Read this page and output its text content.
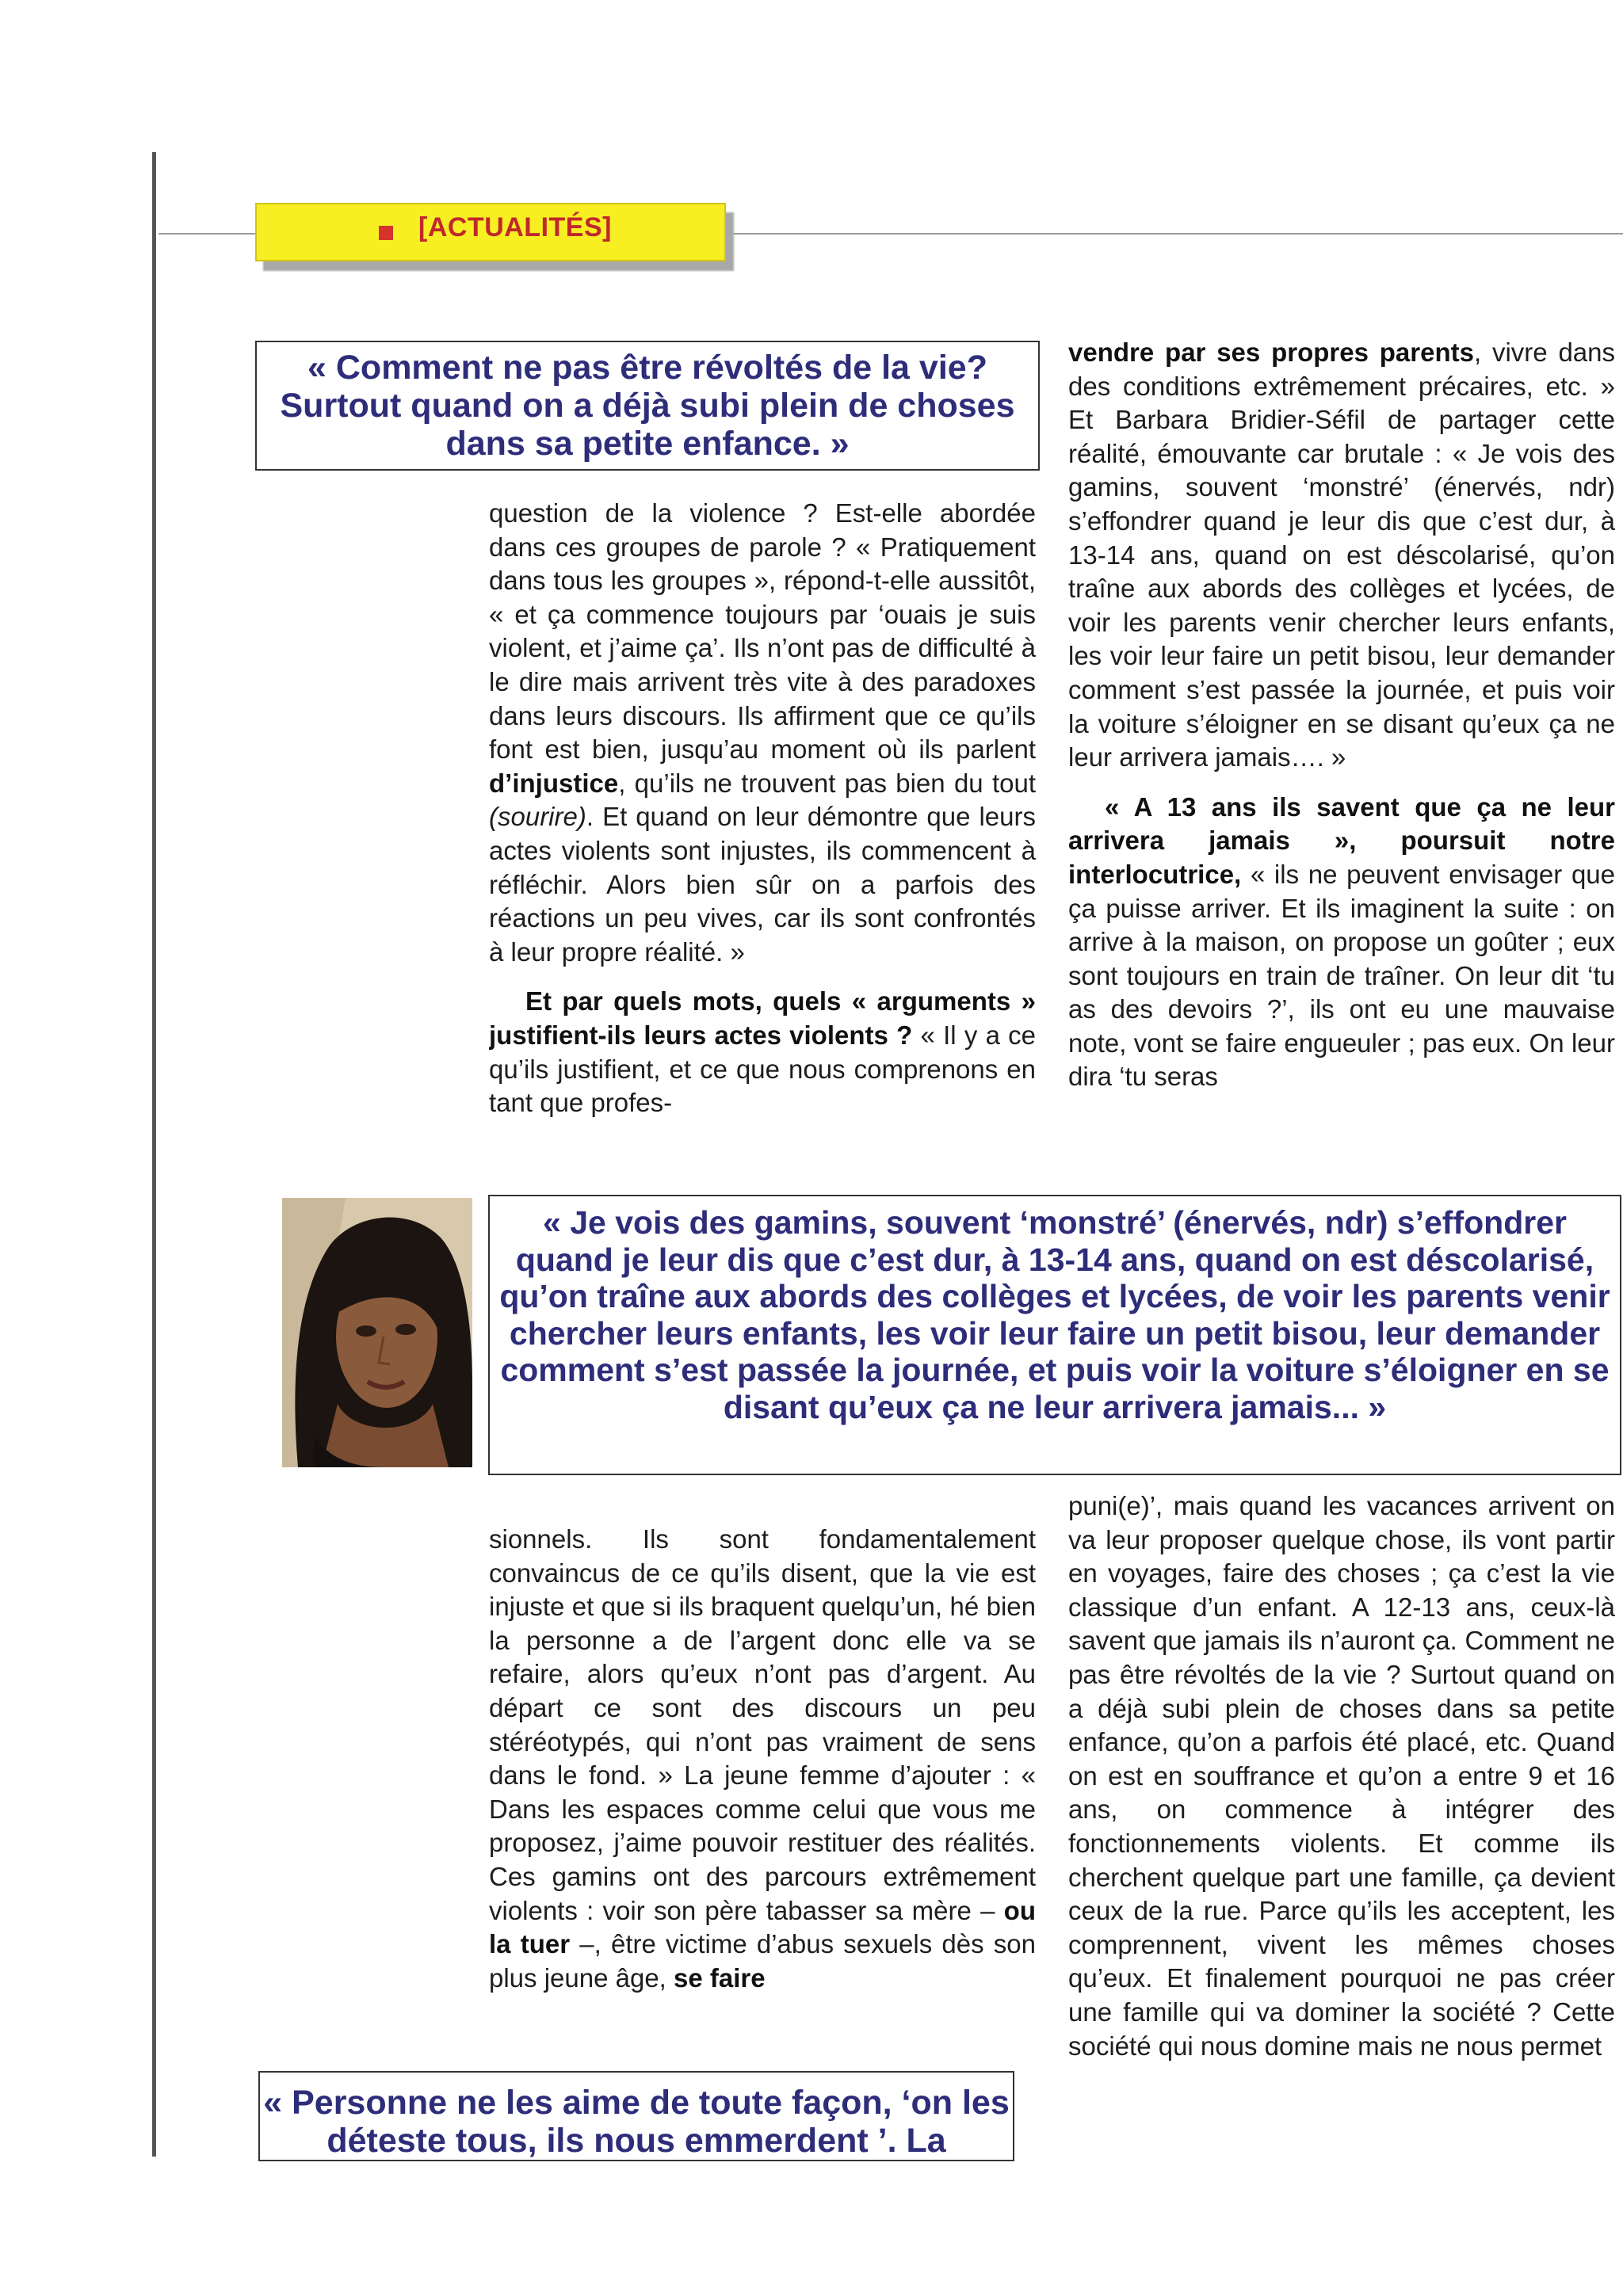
[ACTUALITÉS]
« Comment ne pas être révoltés de la vie? Surtout quand on a déjà subi plein de choses dans sa petite enfance. »

question de la violence ? Est-elle abordée dans ces groupes de parole ? « Pratiquement dans tous les groupes », répond-t-elle aussitôt, « et ça commence toujours par ‘ouais je suis violent, et j’aime ça’. Ils n’ont pas de difficulté à le dire mais arrivent très vite à des paradoxes dans leurs discours. Ils affirment que ce qu’ils font est bien, jusqu’au moment où ils parlent d’injustice, qu’ils ne trouvent pas bien du tout (sourire). Et quand on leur démontre que leurs actes violents sont injustes, ils commencent à réfléchir. Alors bien sûr on a parfois des réactions un peu vives, car ils sont confrontés à leur propre réalité. »

Et par quels mots, quels « arguments » justifient-ils leurs actes violents ? « Il y a ce qu’ils justifient, et ce que nous comprenons en tant que profes-

vendre par ses propres parents, vivre dans des conditions extrêmement précaires, etc. » Et Barbara Bridier-Séfil de partager cette réalité, émouvante car brutale : « Je vois des gamins, souvent ‘monstré’ (énervés, ndr) s’effondrer quand je leur dis que c’est dur, à 13-14 ans, quand on est déscolarisé, qu’on traîne aux abords des collèges et lycées, de voir les parents venir chercher leurs enfants, les voir leur faire un petit bisou, leur demander comment s’est passée la journée, et puis voir la voiture s’éloigner en se disant qu’eux ça ne leur arrivera jamais…. »

« A 13 ans ils savent que ça ne leur arrivera jamais », poursuit notre interlocutrice, « ils ne peuvent envisager que ça puisse arriver. Et ils imaginent la suite : on arrive à la maison, on propose un goûter ; eux sont toujours en train de traîner. On leur dit ‘tu as des devoirs ?’, ils ont eu une mauvaise note, vont se faire engueuler ; pas eux. On leur dira ‘tu seras

« Je vois des gamins, souvent ‘monstré’ (énervés, ndr) s’effondrer quand je leur dis que c’est dur, à 13-14 ans, quand on est déscolarisé, qu’on traîne aux abords des collèges et lycées, de voir les parents venir chercher leurs enfants, les voir leur faire un petit bisou, leur demander comment s’est passée la journée, et puis voir la voiture s’éloigner en se disant qu’eux ça ne leur arrivera jamais... »

sionnels. Ils sont fondamentalement convaincus de ce qu’ils disent, que la vie est injuste et que si ils braquent quelqu’un, hé bien la personne a de l’argent donc elle va se refaire, alors qu’eux n’ont pas d’argent. Au départ ce sont des discours un peu stéréotypés, qui n’ont pas vraiment de sens dans le fond. » La jeune femme d’ajouter : « Dans les espaces comme celui que vous me proposez, j’aime pouvoir restituer des réalités. Ces gamins ont des parcours extrêmement violents : voir son père tabasser sa mère – ou la tuer –, être victime d’abus sexuels dès son plus jeune âge, se faire

puni(e)’, mais quand les vacances arrivent on va leur proposer quelque chose, ils vont partir en voyages, faire des choses ; ça c’est la vie classique d’un enfant. A 12-13 ans, ceux-là savent que jamais ils n’auront ça. Comment ne pas être révoltés de la vie ? Surtout quand on a déjà subi plein de choses dans sa petite enfance, qu’on a parfois été placé, etc. Quand on est en souffrance et qu’on a entre 9 et 16 ans, on commence à intégrer des fonctionnements violents. Et comme ils cherchent quelque part une famille, ça devient ceux de la rue. Parce qu’ils les acceptent, les comprennent, vivent les mêmes choses qu’eux. Et finalement pourquoi ne pas créer une famille qui va dominer la société ? Cette société qui nous domine mais ne nous permet

« Personne ne les aime de toute façon, ‘on les déteste tous, ils nous emmerdent ’. La
